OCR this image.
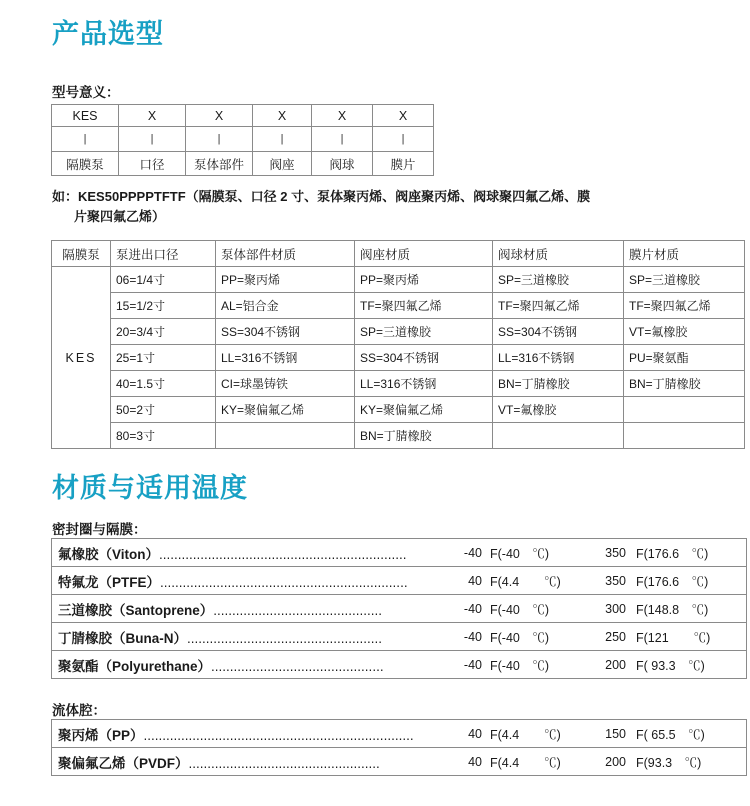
产品选型
型号意义：
KES	X	X	X	X	X
|	|	|	|	|	|
隔膜泵	口径	泵体部件	阀座	阀球	膜片
如：KES50PPPPTFTF（隔膜泵、口径 2 寸、泵体聚丙烯、阀座聚丙烯、阀球聚四氟乙烯、膜
片聚四氟乙烯）
隔膜泵	泵进出口径	泵体部件材质	阀座材质	阀球材质	膜片材质
KES	06=1/4寸	PP=聚丙烯	PP=聚丙烯	SP=三道橡胶	SP=三道橡胶
	15=1/2寸	AL=铝合金	TF=聚四氟乙烯	TF=聚四氟乙烯	TF=聚四氟乙烯
	20=3/4寸	SS=304不锈钢	SP=三道橡胶	SS=304不锈钢	VT=氟橡胶
	25=1寸	LL=316不锈钢	SS=304不锈钢	LL=316不锈钢	PU=聚氨酯
	40=1.5寸	CI=球墨铸铁	LL=316不锈钢	BN=丁腈橡胶	BN=丁腈橡胶
	50=2寸	KY=聚偏氟乙烯	KY=聚偏氟乙烯	VT=氟橡胶	
	80=3寸		BN=丁腈橡胶		
材质与适用温度
密封圈与隔膜：
氟橡胶（Viton）..................................................................	-40	F(-40　℃)	350	F(176.6　℃)
特氟龙（PTFE）..................................................................	40	F(4.4　　℃)	350	F(176.6　℃)
三道橡胶（Santoprene）.............................................	-40	F(-40　℃)	300	F(148.8　℃)
丁腈橡胶（Buna-N）....................................................	-40	F(-40　℃)	250	F(121　　℃)
聚氨酯（Polyurethane）..............................................	-40	F(-40　℃)	200	F( 93.3　℃)
流体腔：
聚丙烯（PP）........................................................................	40	F(4.4　　℃)	150	F( 65.5　℃)
聚偏氟乙烯（PVDF）...................................................	40	F(4.4　　℃)	200	F(93.3　℃)
